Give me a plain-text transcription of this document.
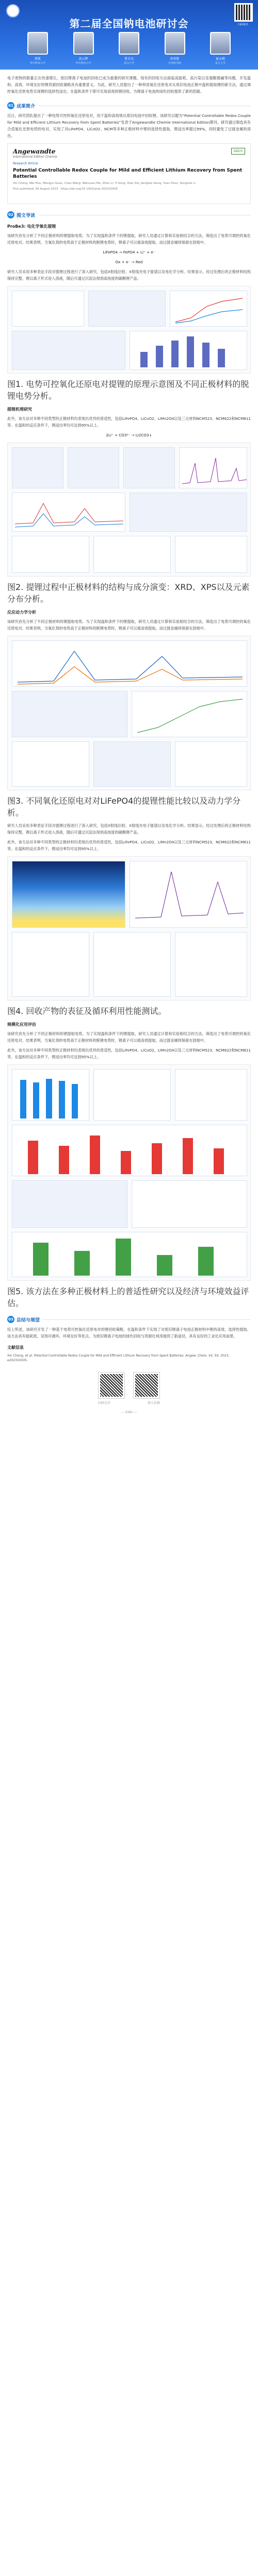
第二届全国钠电池研讨会	扫码报名
蒋凯
华中科技大学
黄云辉
华中科技大学
曹余良
武汉大学
胡勇胜
中国科学院
夏永姚
复旦大学

电子废物的数量正在快速增长，废旧锂离子电池的回收已成为重要的研究课题。现有的回收方法面临高能耗、高污染以及强酸强碱等问题，开发温和、高效、环境友好的锂资源回收策略具有重要意义。为此，研究人员提出了一种利用氧化还原电对从废旧电池正极中温和提取锂的新方法，通过调控氧化还原电势实现锂的选择性浸出，在温和条件下即可实现高效的锂回收，为锂离子电池的绿色回收提供了新的思路。

01 成果简介

近日，研究团队提出了一种电势可控的氧化还原电对，用于温和高效地从废旧电池中回收锂。该研究以题为“Potential Controllable Redox Couple for Mild and Efficient Lithium Recovery from Spent Batteries”发表于Angewandte Chemie International Edition期刊。研究通过筛选具有合适氧化还原电势的电对，实现了对LiFePO4、LiCoO2、NCM等多种正极材料中锂的选择性提取，锂浸出率超过99%，同时避免了过渡金属的溶出。

Angewandte
International Edition Chemie
GDCh
Research Article
Potential Controllable Redox Couple for Mild and Efficient Lithium Recovery from Spent Batteries
Xin Cheng, Wei Hou, Mengyu Guan, Chao Wang, Wenxuan Ma, Zhen Li, Yi Song, Qian Xie, Jiangtao Xiang, Yuan Zhou, Songmei Li
First published: 30 August 2023 · https://doi.org/10.1002/anie.202310435
02 图文导读
ProBe3: 电化学氧化提锂

该研究首先分析了不同正极材料的锂提取电势。为了实现温和条件下的锂提取，研究人员通过计算和实验相结合的方法，筛选出了电势可调控的氧化还原电对。结果表明，当氧化剂的电势高于正极材料的脱锂电势时，锂离子可以被高效提取，而过渡金属则保留在固相中。

LiFePO4 → FePO4 + Li⁺ + e⁻

Ox + e⁻ → Red

研究人员采用多种表征手段对提锂过程进行了深入研究，包括X射线衍射、X射线光电子能谱以及电化学分析。结果显示，经过处理后的正极材料结构保持完整，锂以离子形式进入溶液，随后可通过沉淀法得到高纯度的碳酸锂产品。

图1. 电势可控氧化还原电对提锂的原理示意图及不同正极材料的脱锂电势分析。

提锂机理研究

此外，该方法对多种不同类型的正极材料均表现出优异的普适性，包括LiFePO4、LiCoO2、LiMn2O4以及三元材料NCM523、NCM622和NCM811等。在温和的反应条件下，锂浸出率均可达到95%以上。

2Li⁺ + CO3²⁻ → Li2CO3↓

图2. 提锂过程中正极材料的结构与成分演变：XRD、XPS以及元素分布分析。

反应动力学分析

该研究首先分析了不同正极材料的锂提取电势。为了实现温和条件下的锂提取，研究人员通过计算和实验相结合的方法，筛选出了电势可调控的氧化还原电对。结果表明，当氧化剂的电势高于正极材料的脱锂电势时，锂离子可以被高效提取，而过渡金属则保留在固相中。

图3. 不同氧化还原电对对LiFePO4的提锂性能比较以及动力学分析。

研究人员采用多种表征手段对提锂过程进行了深入研究，包括X射线衍射、X射线光电子能谱以及电化学分析。结果显示，经过处理后的正极材料结构保持完整，锂以离子形式进入溶液，随后可通过沉淀法得到高纯度的碳酸锂产品。

此外，该方法对多种不同类型的正极材料均表现出优异的普适性，包括LiFePO4、LiCoO2、LiMn2O4以及三元材料NCM523、NCM622和NCM811等。在温和的反应条件下，锂浸出率均可达到95%以上。

图4. 回收产物的表征及循环利用性能测试。

规模化应用评估

该研究首先分析了不同正极材料的锂提取电势。为了实现温和条件下的锂提取，研究人员通过计算和实验相结合的方法，筛选出了电势可调控的氧化还原电对。结果表明，当氧化剂的电势高于正极材料的脱锂电势时，锂离子可以被高效提取，而过渡金属则保留在固相中。

此外，该方法对多种不同类型的正极材料均表现出优异的普适性，包括LiFePO4、LiCoO2、LiMn2O4以及三元材料NCM523、NCM622和NCM811等。在温和的反应条件下，锂浸出率均可达到95%以上。

图5. 该方法在多种正极材料上的普适性研究以及经济与环境效益评估。

03 总结与展望

综上所述，该研究开发了一种基于电势可控氧化还原电对的锂回收策略，在温和条件下实现了对废旧锂离子电池正极材料中锂的高效、选择性提取。该方法具有能耗低、试剂可循环、环境友好等优点，为废旧锂离子电池的绿色回收与资源化利用提供了新途径，具有良好的工业化应用前景。

文献信息

Xin Cheng, et al. Potential Controllable Redox Couple for Mild and Efficient Lithium Recovery from Spent Batteries. Angew. Chem. Int. Ed. 2023, e202310435.

扫码关注	加入社群
— END —
